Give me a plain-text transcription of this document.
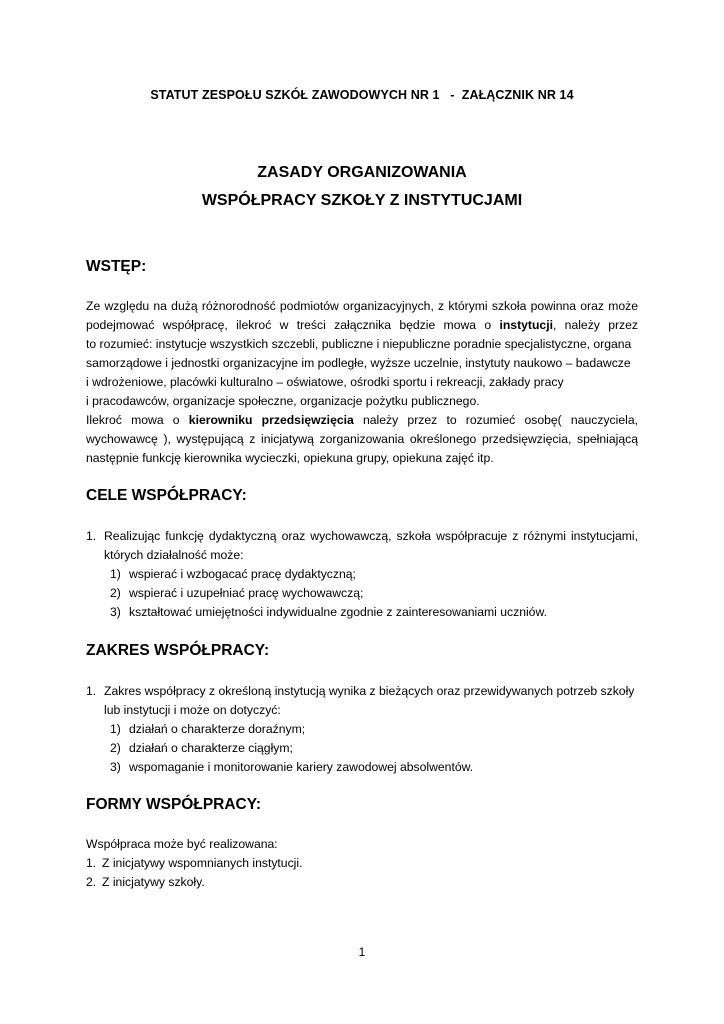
STATUT ZESPOŁU SZKÓŁ ZAWODOWYCH NR 1   -  ZAŁĄCZNIK NR 14
ZASADY ORGANIZOWANIA
WSPÓŁPRACY SZKOŁY Z INSTYTUCJAMI
WSTĘP:
Ze względu na dużą różnorodność podmiotów organizacyjnych, z którymi szkoła powinna oraz może
podejmować współpracę, ilekroć w treści załącznika będzie mowa o instytucji, należy przez
to rozumieć: instytucje wszystkich szczebli, publiczne i niepubliczne poradnie specjalistyczne, organa
samorządowe i jednostki organizacyjne im podległe, wyższe uczelnie, instytuty naukowo – badawcze
i wdrożeniowe, placówki kulturalno – oświatowe, ośrodki sportu i rekreacji, zakłady pracy
i pracodawców, organizacje społeczne, organizacje pożytku publicznego.
Ilekroć mowa o kierowniku przedsięwzięcia należy przez to rozumieć osobę( nauczyciela,
wychowawcę ), występującą z inicjatywą zorganizowania określonego przedsięwzięcia, spełniającą
następnie funkcję kierownika wycieczki, opiekuna grupy, opiekuna zajęć itp.
CELE WSPÓŁPRACY:
1. Realizując funkcję dydaktyczną oraz wychowawczą, szkoła współpracuje z różnymi instytucjami,
których działalność może:
1) wspierać i wzbogacać pracę dydaktyczną;
2) wspierać i uzupełniać pracę wychowawczą;
3) kształtować umiejętności indywidualne zgodnie z zainteresowaniami uczniów.
ZAKRES WSPÓŁPRACY:
1. Zakres współpracy z określoną instytucją wynika z bieżących oraz przewidywanych potrzeb szkoły
lub instytucji i może on dotyczyć:
1) działań o charakterze doraźnym;
2) działań o charakterze ciągłym;
3) wspomaganie i monitorowanie kariery zawodowej absolwentów.
FORMY WSPÓŁPRACY:
Współpraca może być realizowana:
1. Z inicjatywy wspomnianych instytucji.
2. Z inicjatywy szkoły.
1
